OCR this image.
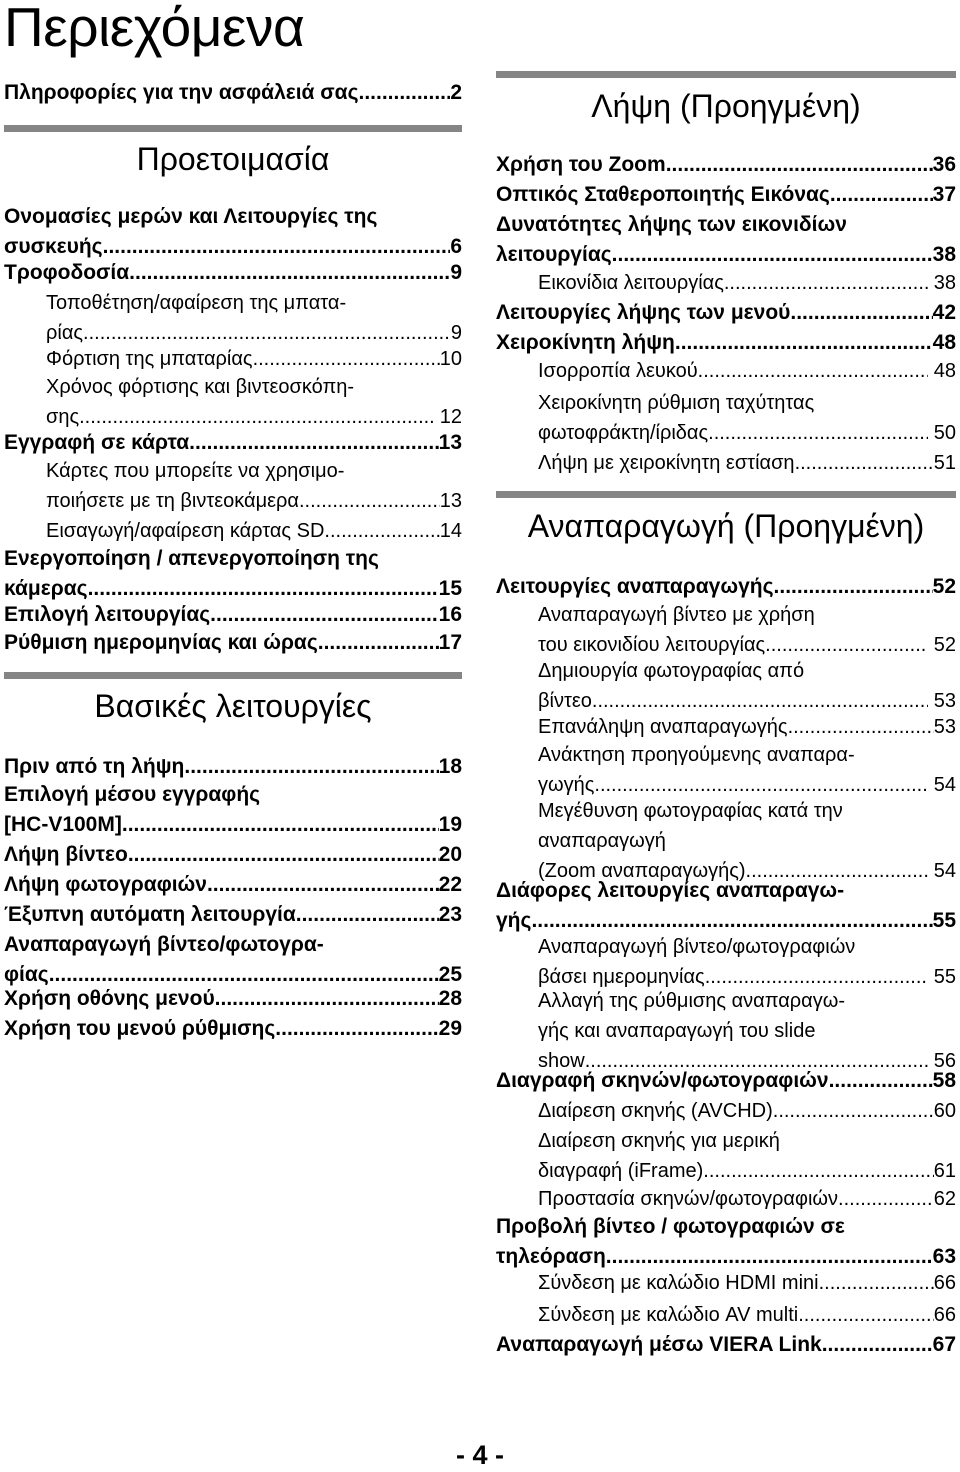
Περιεχόμενα
Πληροφορίες για την ασφάλειά σας .....	2
Προετοιμασία
Ονομασίες μερών και Λειτουργίες της
συσκευής .....	6
Τροφοδοσία .....	9
Τοποθέτηση/αφαίρεση της μπατα-
ρίας .....	9
Φόρτιση της μπαταρίας .....	10
Χρόνος φόρτισης και βιντεοσκόπη-
σης .....	12
Εγγραφή σε κάρτα .....	13
Κάρτες που μπορείτε να χρησιμο-
ποιήσετε με τη βιντεοκάμερα .....	13
Εισαγωγή/αφαίρεση κάρτας SD .....	14
Ενεργοποίηση / απενεργοποίηση της
κάμερας .....	15
Επιλογή λειτουργίας .....	16
Ρύθμιση ημερομηνίας και ώρας .....	17
Βασικές λειτουργίες
Πριν από τη λήψη .....	18
Επιλογή μέσου εγγραφής
[HC-V100M] .....	19
Λήψη βίντεο .....	20
Λήψη φωτογραφιών .....	22
Έξυπνη αυτόματη λειτουργία .....	23
Αναπαραγωγή βίντεο/φωτογρα-
φίας .....	25
Χρήση οθόνης μενού .....	28
Χρήση του μενού ρύθμισης .....	29
Λήψη (Προηγμένη)
Χρήση του Zoom .....	36
Οπτικός Σταθεροποιητής Εικόνας .....	37
Δυνατότητες λήψης των εικονιδίων
λειτουργίας .....	38
Εικονίδια λειτουργίας .....	38
Λειτουργίες λήψης των μενού .....	42
Χειροκίνητη λήψη .....	48
Ισορροπία λευκού .....	48
Χειροκίνητη ρύθμιση ταχύτητας
φωτοφράκτη/ίριδας .....	50
Λήψη με χειροκίνητη εστίαση .....	51
Αναπαραγωγή (Προηγμένη)
Λειτουργίες αναπαραγωγής .....	52
Αναπαραγωγή βίντεο με χρήση
του εικονιδίου λειτουργίας .....	52
Δημιουργία φωτογραφίας από
βίντεο .....	53
Επανάληψη αναπαραγωγής .....	53
Ανάκτηση προηγούμενης αναπαρα-
γωγής .....	54
Μεγέθυνση φωτογραφίας κατά την
αναπαραγωγή
(Zoom αναπαραγωγής) .....	54
Διάφορες λειτουργίες αναπαραγω-
γής .....	55
Αναπαραγωγή βίντεο/φωτογραφιών
βάσει ημερομηνίας .....	55
Αλλαγή της ρύθμισης αναπαραγω-
γής και αναπαραγωγή του slide
show .....	56
Διαγραφή σκηνών/φωτογραφιών .....	58
Διαίρεση σκηνής (AVCHD) .....	60
Διαίρεση σκηνής για μερική
διαγραφή (iFrame) .....	61
Προστασία σκηνών/φωτογραφιών .....	62
Προβολή βίντεο / φωτογραφιών σε
τηλεόραση .....	63
Σύνδεση με καλώδιο HDMI mini .....	66
Σύνδεση με καλώδιο AV multi .....	66
Αναπαραγωγή μέσω VIERA Link .....	67
- 4 -
